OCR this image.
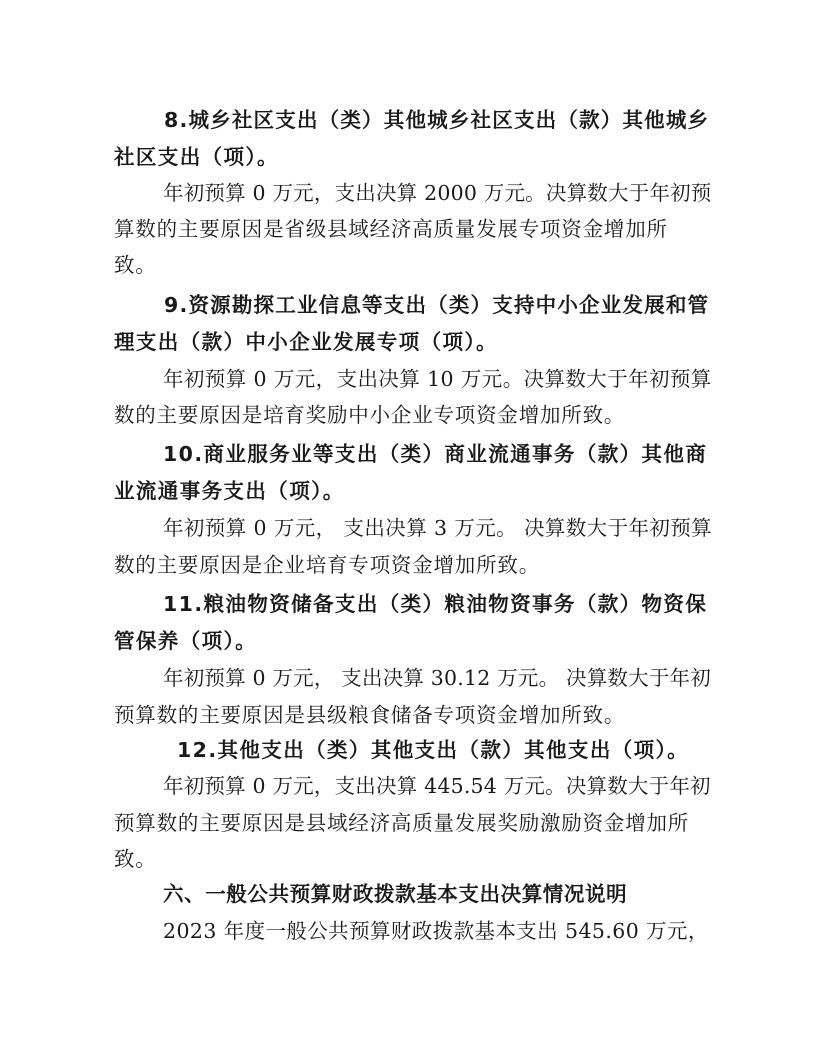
8.城乡社区支出（类）其他城乡社区支出（款）其他城乡
社区支出（项）。
年初预算 0 万元，支出决算 2000 万元。决算数大于年初预
算数的主要原因是省级县域经济高质量发展专项资金增加所
致。
9.资源勘探工业信息等支出（类）支持中小企业发展和管
理支出（款）中小企业发展专项（项）。
年初预算 0 万元，支出决算 10 万元。决算数大于年初预算
数的主要原因是培育奖励中小企业专项资金增加所致。
10.商业服务业等支出（类）商业流通事务（款）其他商
业流通事务支出（项）。
年初预算 0 万元， 支出决算 3 万元。 决算数大于年初预算
数的主要原因是企业培育专项资金增加所致。
11.粮油物资储备支出（类）粮油物资事务（款）物资保
管保养（项）。
年初预算 0 万元， 支出决算 30.12 万元。 决算数大于年初
预算数的主要原因是县级粮食储备专项资金增加所致。
12.其他支出（类）其他支出（款）其他支出（项）。
年初预算 0 万元，支出决算 445.54 万元。决算数大于年初
预算数的主要原因是县域经济高质量发展奖励激励资金增加所
致。
六、一般公共预算财政拨款基本支出决算情况说明
2023 年度一般公共预算财政拨款基本支出 545.60 万元，
